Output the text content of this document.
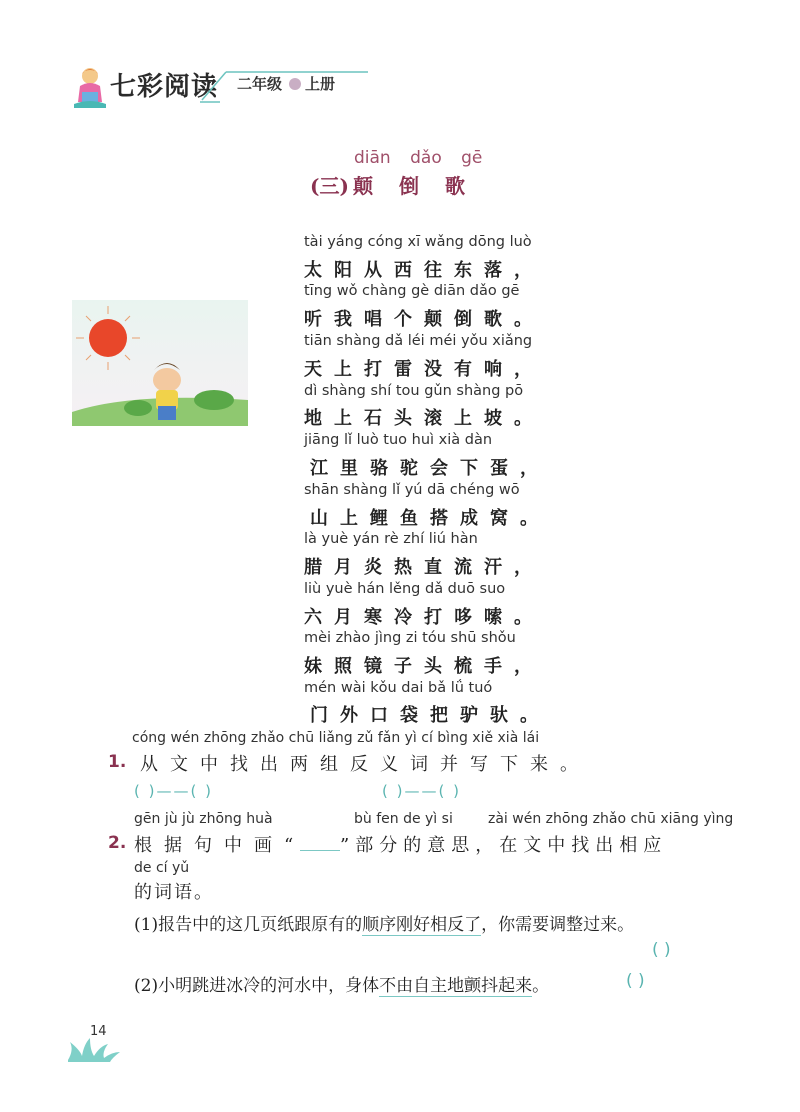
七彩阅读 二年级 上册
diān dǎo gē
(三) 颠 倒 歌
tài yáng cóng xī wǎng dōng luò
太阳从西往东落，
tīng wǒ chàng gè diān dǎo gē
听我唱个颠倒歌。
tiān shàng dǎ léi méi yǒu xiǎng
天上打雷没有响，
dì shàng shí tou gǔn shàng pō
地上石头滚上坡。
jiāng lǐ luò tuo huì xià dàn
江里骆驼会下蛋，
shān shàng lǐ yú dā chéng wō
山上鲤鱼搭成窝。
là yuè yán rè zhí liú hàn
腊月炎热直流汗，
liù yuè hán lěng dǎ duō suo
六月寒冷打哆嗦。
mèi zhào jìng zi tóu shū shǒu
妹照镜子头梳手，
mén wài kǒu dai bǎ lǘ tuó
门外口袋把驴驮。
cóng wén zhōng zhǎo chū liǎng zǔ fǎn yì cí bìng xiě xià lái
1. 从文中找出两组反义词并写下来。
( )——( )	( )——( )
gēn jù jù zhōng huà	bù fen de yì si	zài wén zhōng zhǎo chū xiāng yìng
2. 根据句中画“ ”部分的意思，在文中找出相应
de cí yǔ
的词语。
(1)报告中的这几页纸跟原有的顺序刚好相反了，你需要调整过来。
( )
(2)小明跳进冰冷的河水中，身体不由自主地颤抖起来。	( )
14
